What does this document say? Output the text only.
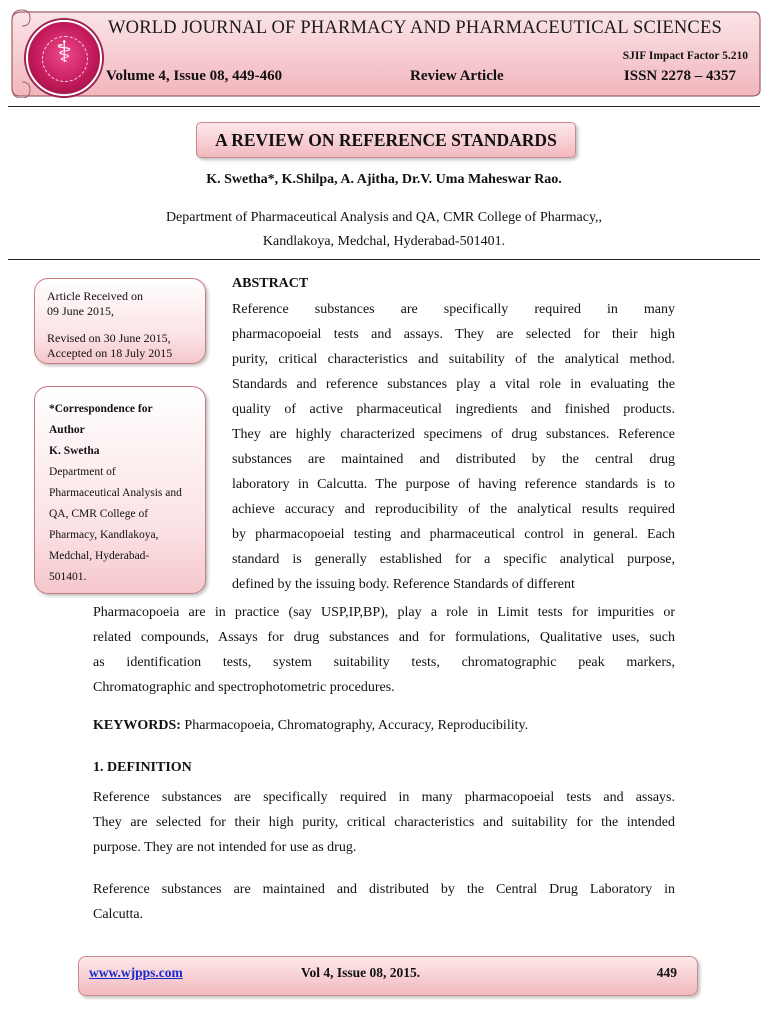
⚕
WORLD JOURNAL OF PHARMACY AND PHARMACEUTICAL SCIENCES
SJIF Impact Factor 5.210
Volume 4, Issue 08, 449-460	Review Article	ISSN 2278 – 4357
A REVIEW ON REFERENCE STANDARDS
K. Swetha*, K.Shilpa, A. Ajitha, Dr.V. Uma Maheswar Rao.
Department of Pharmaceutical Analysis and QA, CMR College of Pharmacy,,
Kandlakoya, Medchal, Hyderabad-501401.
Article Received on
09 June 2015,
Revised on 30 June 2015,
Accepted on 18 July 2015
*Correspondence for
Author
K. Swetha
Department of
Pharmaceutical Analysis and
QA, CMR College of
Pharmacy, Kandlakoya,
Medchal, Hyderabad-
501401.
ABSTRACT
Reference substances are specifically required in many
pharmacopoeial tests and assays. They are selected for their high
purity, critical characteristics and suitability of the analytical method.
Standards and reference substances play a vital role in evaluating the
quality of active pharmaceutical ingredients and finished products.
They are highly characterized specimens of drug substances. Reference
substances are maintained and distributed by the central drug
laboratory in Calcutta. The purpose of having reference standards is to
achieve accuracy and reproducibility of the analytical results required
by pharmacopoeial testing and pharmaceutical control in general. Each
standard is generally established for a specific analytical purpose,
defined by the issuing body. Reference Standards of different
Pharmacopoeia are in practice (say USP,IP,BP), play a role in Limit tests for impurities or
related compounds, Assays for drug substances and for formulations, Qualitative uses, such
as identification tests, system suitability tests, chromatographic peak markers,
Chromatographic and spectrophotometric procedures.
KEYWORDS: Pharmacopoeia, Chromatography, Accuracy, Reproducibility.
1. DEFINITION
Reference substances are specifically required in many pharmacopoeial tests and assays.
They are selected for their high purity, critical characteristics and suitability for the intended
purpose. They are not intended for use as drug.
Reference substances are maintained and distributed by the Central Drug Laboratory in
Calcutta.
www.wjpps.com	Vol 4, Issue 08, 2015.	449
